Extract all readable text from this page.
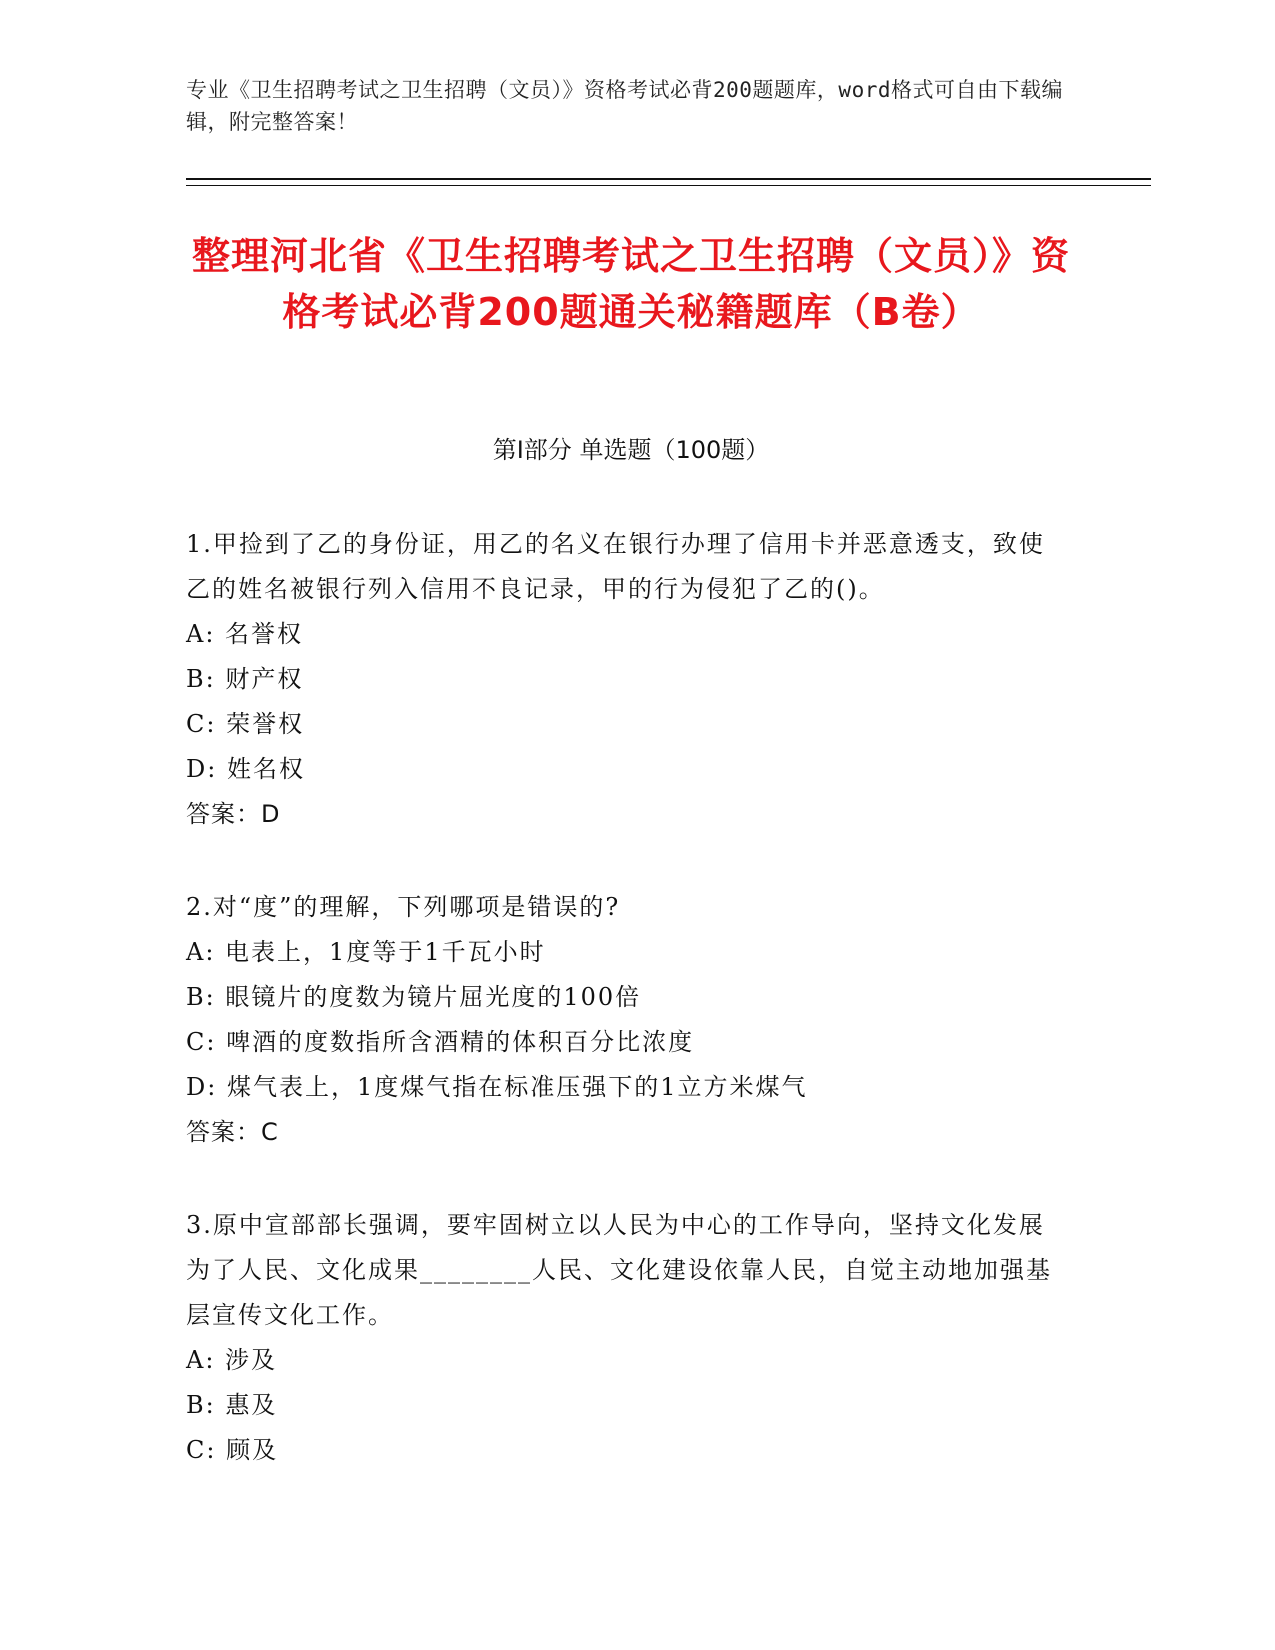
专业《卫生招聘考试之卫生招聘（文员）》资格考试必背200题题库，word格式可自由下载编辑，附完整答案！
整理河北省《卫生招聘考试之卫生招聘（文员）》资格考试必背200题通关秘籍题库（B卷）
第Ⅰ部分 单选题（100题）
1.甲捡到了乙的身份证，用乙的名义在银行办理了信用卡并恶意透支，致使乙的姓名被银行列入信用不良记录，甲的行为侵犯了乙的()。
A: 名誉权
B: 财产权
C: 荣誉权
D: 姓名权
答案：D
2.对“度”的理解，下列哪项是错误的?
A: 电表上，1度等于1千瓦小时
B: 眼镜片的度数为镜片屈光度的100倍
C: 啤酒的度数指所含酒精的体积百分比浓度
D: 煤气表上，1度煤气指在标准压强下的1立方米煤气
答案：C
3.原中宣部部长强调，要牢固树立以人民为中心的工作导向，坚持文化发展为了人民、文化成果________人民、文化建设依靠人民，自觉主动地加强基层宣传文化工作。
A: 涉及
B: 惠及
C: 顾及
